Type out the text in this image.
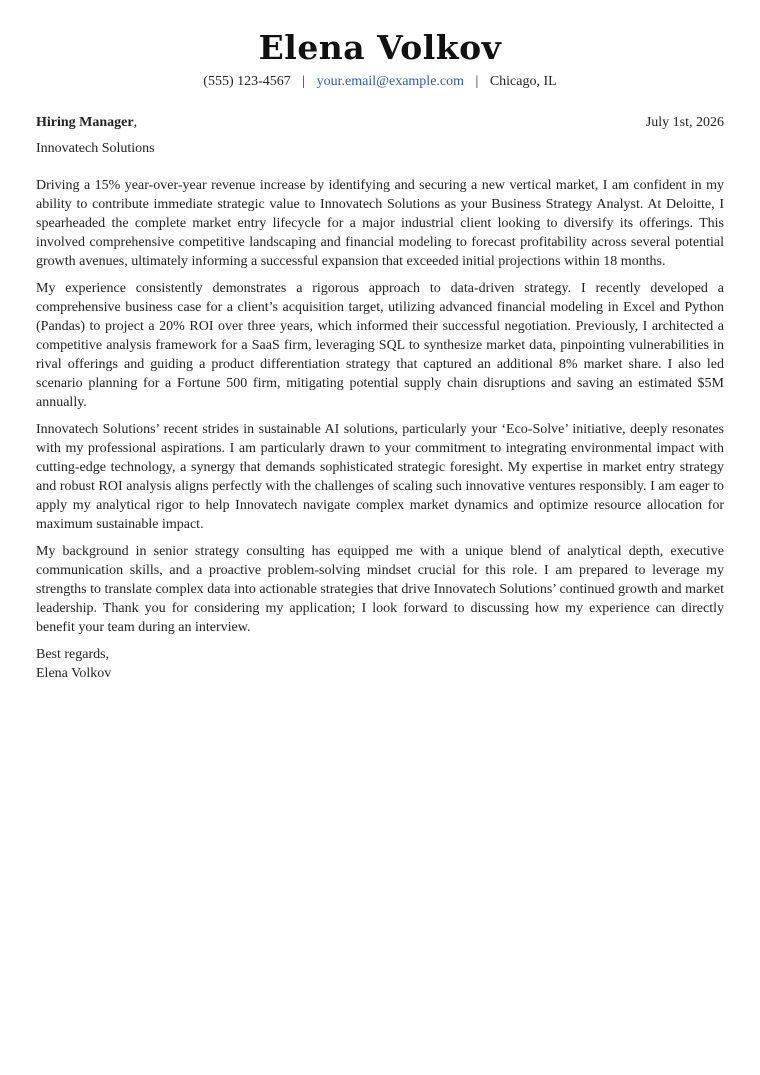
Elena Volkov
(555) 123-4567 | your.email@example.com | Chicago, IL
Hiring Manager,	July 1st, 2026
Innovatech Solutions

Driving a 15% year-over-year revenue increase by identifying and securing a new vertical market, I am confident in my ability to contribute immediate strategic value to Innovatech Solutions as your Business Strategy Analyst. At Deloitte, I spearheaded the complete market entry lifecycle for a major industrial client looking to diversify its offerings. This involved comprehensive competitive landscaping and financial modeling to forecast profitability across several potential growth avenues, ultimately informing a successful expansion that exceeded initial projections within 18 months.

My experience consistently demonstrates a rigorous approach to data-driven strategy. I recently developed a comprehensive business case for a client’s acquisition target, utilizing advanced financial modeling in Excel and Python (Pandas) to project a 20% ROI over three years, which informed their successful negotiation. Previously, I architected a competitive analysis framework for a SaaS firm, leveraging SQL to synthesize market data, pinpointing vulnerabilities in rival offerings and guiding a product differentiation strategy that captured an additional 8% market share. I also led scenario planning for a Fortune 500 firm, mitigating potential supply chain disruptions and saving an estimated $5M annually.

Innovatech Solutions’ recent strides in sustainable AI solutions, particularly your ‘Eco-Solve’ initiative, deeply resonates with my professional aspirations. I am particularly drawn to your commitment to integrating environmental impact with cutting-edge technology, a synergy that demands sophisticated strategic foresight. My expertise in market entry strategy and robust ROI analysis aligns perfectly with the challenges of scaling such innovative ventures responsibly. I am eager to apply my analytical rigor to help Innovatech navigate complex market dynamics and optimize resource allocation for maximum sustainable impact.

My background in senior strategy consulting has equipped me with a unique blend of analytical depth, executive communication skills, and a proactive problem-solving mindset crucial for this role. I am prepared to leverage my strengths to translate complex data into actionable strategies that drive Innovatech Solutions’ continued growth and market leadership. Thank you for considering my application; I look forward to discussing how my experience can directly benefit your team during an interview.

Best regards,
Elena Volkov
